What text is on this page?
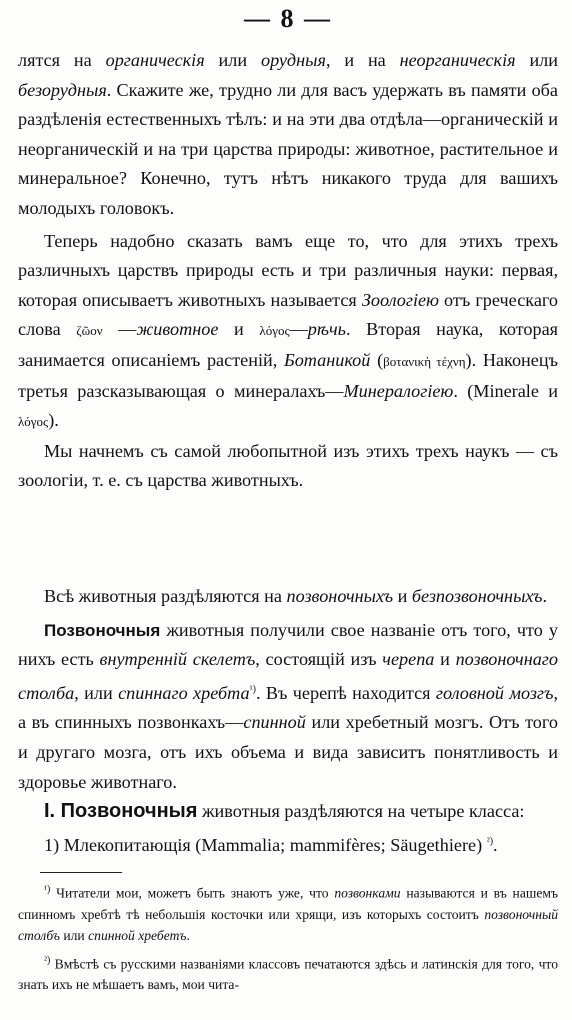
— 8 —

лятся на органическія или орудныя, и на неорганическія или безорудныя. Скажите же, трудно ли для васъ удержать въ памяти оба раздѣленія естественныхъ тѣлъ: и на эти два отдѣла—органическій и неорганическій и на три царства природы: животное, растительное и минеральное? Конечно, тутъ нѣтъ никакого труда для вашихъ молодыхъ головокъ.

Теперь надобно сказать вамъ еще то, что для этихъ трехъ различныхъ царствъ природы есть и три различныя науки: первая, которая описываетъ животныхъ называется Зоологіею отъ греческаго слова ζῶον —животное и λόγος—рѣчь. Вторая наука, которая занимается описаніемъ растеній, Ботаникой (βοτανικὴ τέχνη). Наконецъ третья разсказывающая о минералахъ—Минералогіею. (Minerale и λόγος).

Мы начнемъ съ самой любопытной изъ этихъ трехъ наукъ — съ зоологіи, т. е. съ царства животныхъ.

Всѣ животныя раздѣляются на позвоночныхъ и безпозвоночныхъ.

Позвоночныя животныя получили свое названіе отъ того, что у нихъ есть внутренній скелетъ, состоящій изъ черепа и позвоночнаго столба, или спиннаго хребта$^{^1)}$. Въ черепѣ находится головной мозгъ, а въ спинныхъ позвонкахъ—спинной или хребетный мозгъ. Отъ того и другаго мозга, отъ ихъ объема и вида зависитъ понятливость и здоровье животнаго.

I. Позвоночныя животныя раздѣляются на четыре класса:

1) Млекопитающія (Mammalia; mammifères; Säugethiere) $^{^2)}$.

$^{^1)}$ Читатели мои, можетъ быть знаютъ уже, что позвонками называются и въ нашемъ спинномъ хребтѣ тѣ небольшія косточки или хрящи, изъ которыхъ состоитъ позвоночный столбъ или спинной хребетъ.

$^{^2)}$ Вмѣстѣ съ русскими названіями классовъ печатаются здѣсь и латинскія для того, что знать ихъ не мѣшаетъ вамъ, мои чита-
